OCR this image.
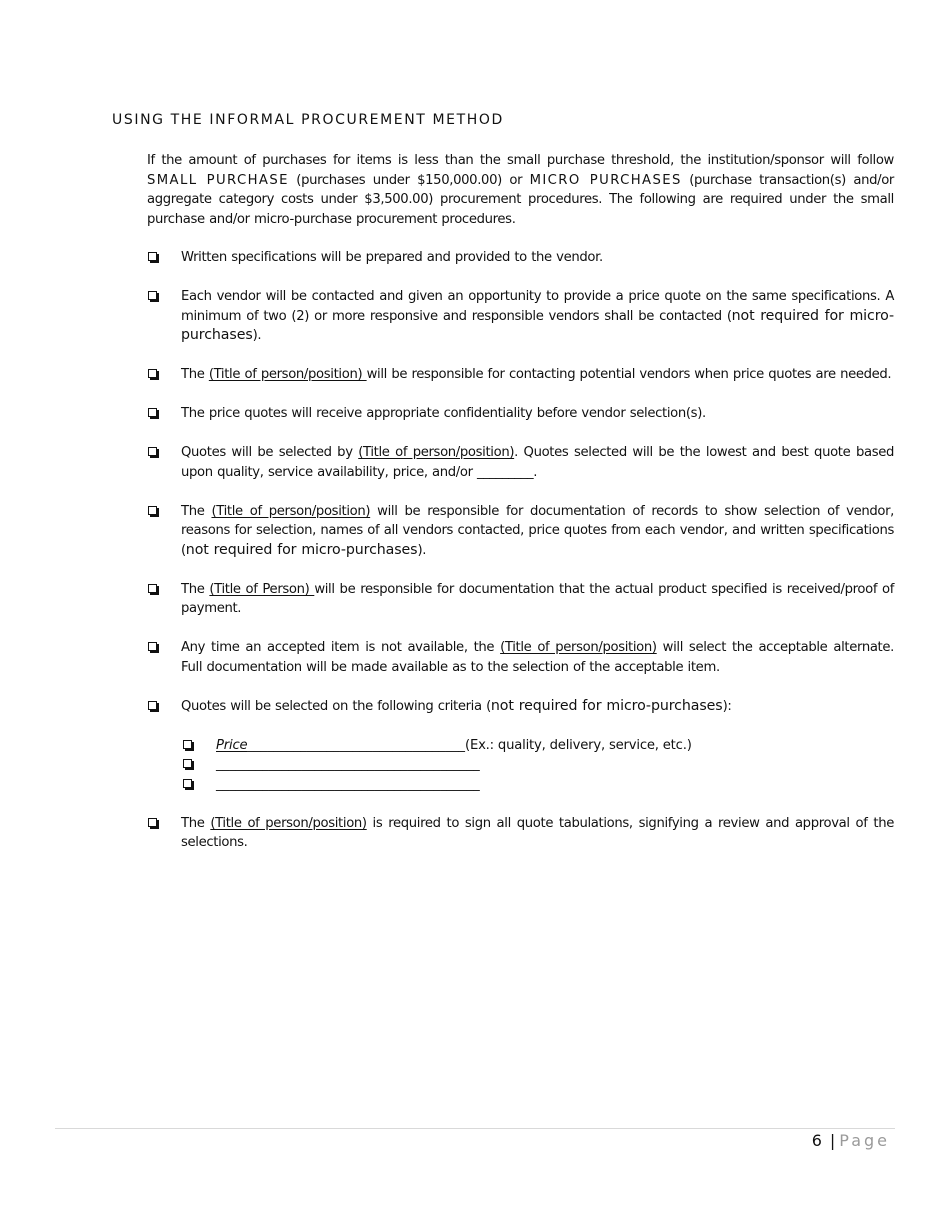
USING THE INFORMAL PROCUREMENT METHOD

If the amount of purchases for items is less than the small purchase threshold, the institution/sponsor will follow SMALL PURCHASE (purchases under $150,000.00) or MICRO PURCHASES (purchase transaction(s) and/or aggregate category costs under $3,500.00) procurement procedures. The following are required under the small purchase and/or micro-purchase procurement procedures.

Written specifications will be prepared and provided to the vendor.
Each vendor will be contacted and given an opportunity to provide a price quote on the same specifications. A minimum of two (2) or more responsive and responsible vendors shall be contacted (not required for micro-purchases).
The (Title of person/position) will be responsible for contacting potential vendors when price quotes are needed.
The price quotes will receive appropriate confidentiality before vendor selection(s).
Quotes will be selected by (Title of person/position). Quotes selected will be the lowest and best quote based upon quality, service availability, price, and/or _________.
The (Title of person/position) will be responsible for documentation of records to show selection of vendor, reasons for selection, names of all vendors contacted, price quotes from each vendor, and written specifications (not required for micro-purchases).
The (Title of Person) will be responsible for documentation that the actual product specified is received/proof of payment.
Any time an accepted item is not available, the (Title of person/position) will select the acceptable alternate. Full documentation will be made available as to the selection of the acceptable item.
Quotes will be selected on the following criteria (not required for micro-purchases):
Price_________________________________(Ex.: quality, delivery, service, etc.)
________________________________________
________________________________________
The (Title of person/position) is required to sign all quote tabulations, signifying a review and approval of the selections.
6 | Page
